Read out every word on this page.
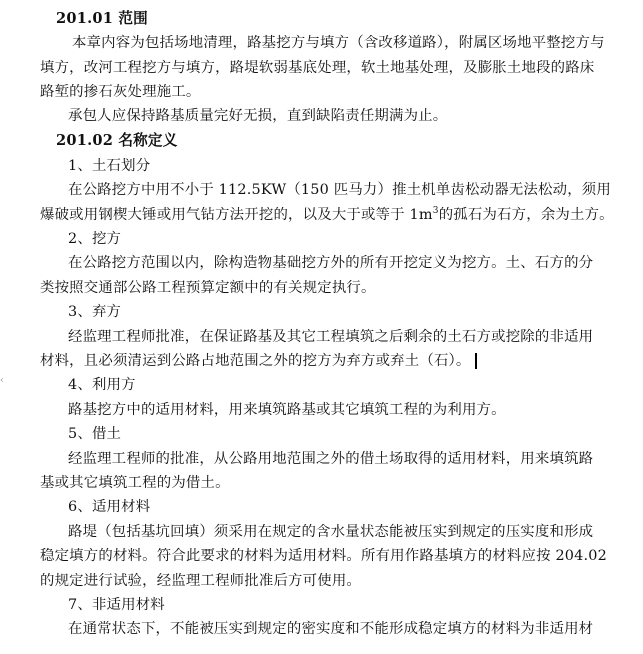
201.01 范围
本章内容为包括场地清理，路基挖方与填方（含改移道路），附属区场地平整挖方与
填方，改河工程挖方与填方，路堤软弱基底处理，软土地基处理，及膨胀土地段的路床
路堑的掺石灰处理施工。
承包人应保持路基质量完好无损，直到缺陷责任期满为止。
201.02 名称定义
1、土石划分
在公路挖方中用不小于 112.5KW（150 匹马力）推土机单齿松动器无法松动，须用
爆破或用钢楔大锤或用气钻方法开挖的，以及大于或等于 $1m^3$的孤石为石方，余为土方。
2、挖方
在公路挖方范围以内，除构造物基础挖方外的所有开挖定义为挖方。土、石方的分
类按照交通部公路工程预算定额中的有关规定执行。
3、弃方
经监理工程师批准，在保证路基及其它工程填筑之后剩余的土石方或挖除的非适用
材料，且必须清运到公路占地范围之外的挖方为弃方或弃土（石）。
4、利用方
路基挖方中的适用材料，用来填筑路基或其它填筑工程的为利用方。
5、借土
经监理工程师的批准，从公路用地范围之外的借土场取得的适用材料，用来填筑路
基或其它填筑工程的为借土。
6、适用材料
路堤（包括基坑回填）须采用在规定的含水量状态能被压实到规定的压实度和形成
稳定填方的材料。符合此要求的材料为适用材料。所有用作路基填方的材料应按 204.02
的规定进行试验，经监理工程师批准后方可使用。
7、非适用材料
在通常状态下，不能被压实到规定的密实度和不能形成稳定填方的材料为非适用材
‹
